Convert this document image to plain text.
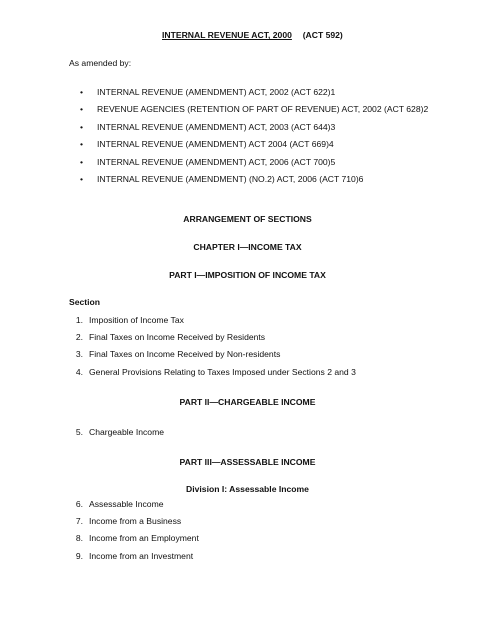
INTERNAL REVENUE ACT, 2000 (ACT 592)
As amended by:
• INTERNAL REVENUE (AMENDMENT) ACT, 2002 (ACT 622)1
• REVENUE AGENCIES (RETENTION OF PART OF REVENUE) ACT, 2002 (ACT 628)2
• INTERNAL REVENUE (AMENDMENT) ACT, 2003 (ACT 644)3
• INTERNAL REVENUE (AMENDMENT) ACT 2004 (ACT 669)4
• INTERNAL REVENUE (AMENDMENT) ACT, 2006 (ACT 700)5
• INTERNAL REVENUE (AMENDMENT) (NO.2) ACT, 2006 (ACT 710)6
ARRANGEMENT OF SECTIONS
CHAPTER I—INCOME TAX
PART I—IMPOSITION OF INCOME TAX
Section
1. Imposition of Income Tax
2. Final Taxes on Income Received by Residents
3. Final Taxes on Income Received by Non-residents
4. General Provisions Relating to Taxes Imposed under Sections 2 and 3
PART II—CHARGEABLE INCOME
5. Chargeable Income
PART III—ASSESSABLE INCOME
Division I: Assessable Income
6. Assessable Income
7. Income from a Business
8. Income from an Employment
9. Income from an Investment
